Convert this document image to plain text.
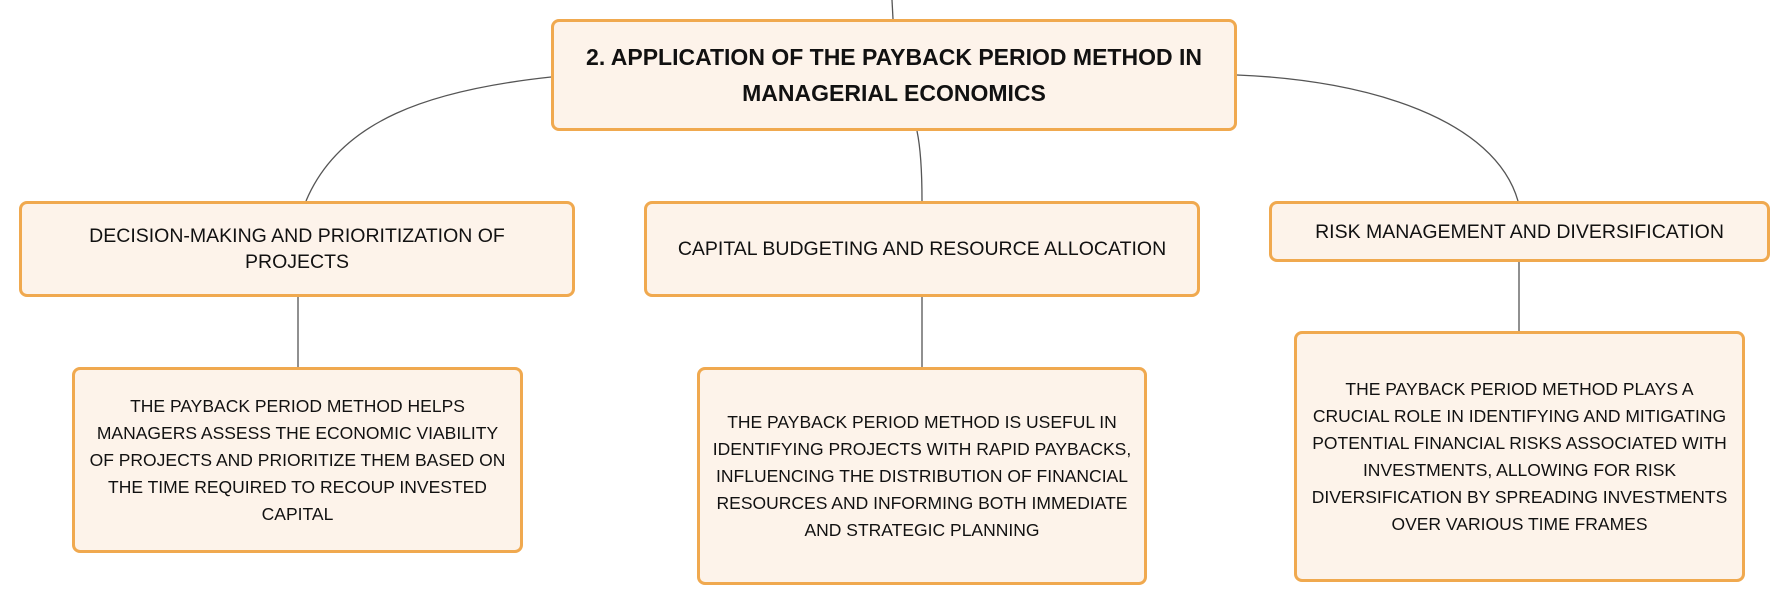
2. APPLICATION OF THE PAYBACK PERIOD METHOD IN MANAGERIAL ECONOMICS
DECISION-MAKING AND PRIORITIZATION OF PROJECTS
CAPITAL BUDGETING AND RESOURCE ALLOCATION
RISK MANAGEMENT AND DIVERSIFICATION
THE PAYBACK PERIOD METHOD HELPS MANAGERS ASSESS THE ECONOMIC VIABILITY OF PROJECTS AND PRIORITIZE THEM BASED ON THE TIME REQUIRED TO RECOUP INVESTED CAPITAL
THE PAYBACK PERIOD METHOD IS USEFUL IN IDENTIFYING PROJECTS WITH RAPID PAYBACKS, INFLUENCING THE DISTRIBUTION OF FINANCIAL RESOURCES AND INFORMING BOTH IMMEDIATE AND STRATEGIC PLANNING
THE PAYBACK PERIOD METHOD PLAYS A CRUCIAL ROLE IN IDENTIFYING AND MITIGATING POTENTIAL FINANCIAL RISKS ASSOCIATED WITH INVESTMENTS, ALLOWING FOR RISK DIVERSIFICATION BY SPREADING INVESTMENTS OVER VARIOUS TIME FRAMES
